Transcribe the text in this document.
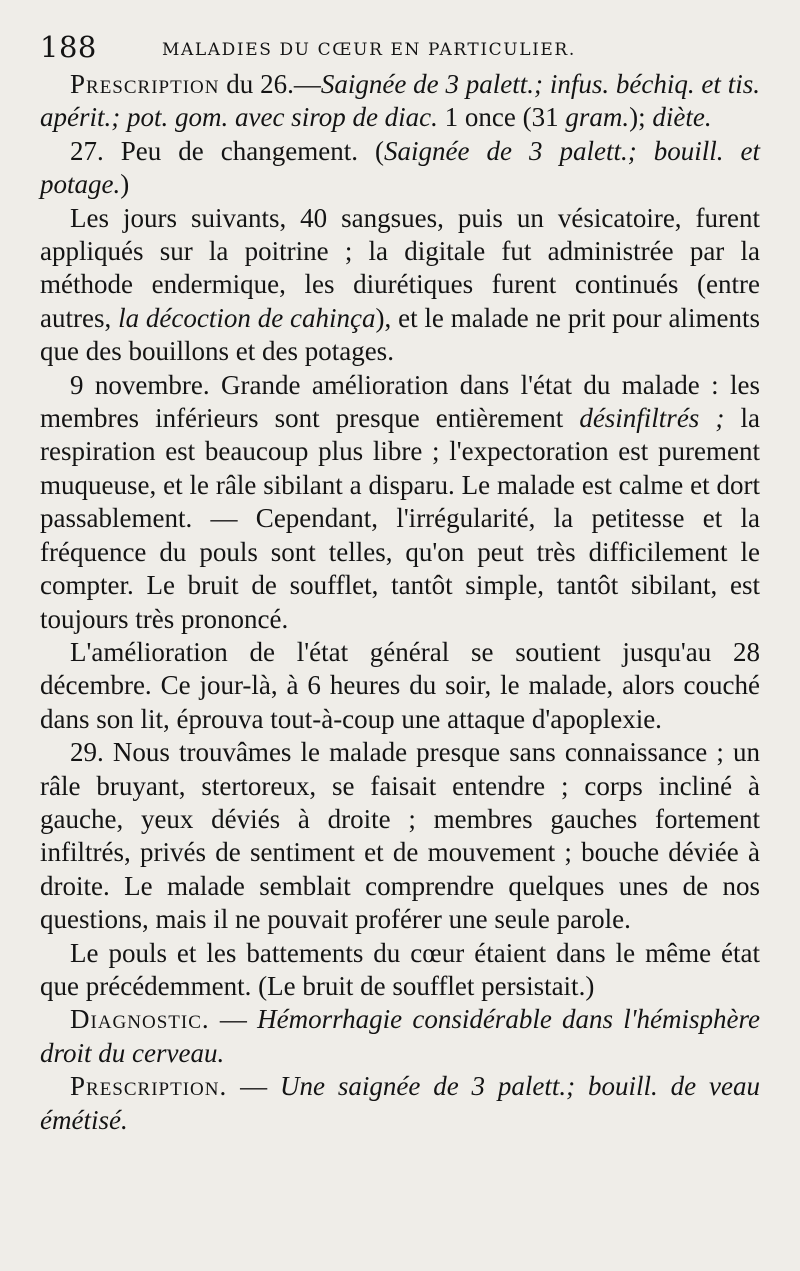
188	MALADIES DU CŒUR EN PARTICULIER.

Prescription du 26.—Saignée de 3 palett.; infus. béchiq. et tis. apérit.; pot. gom. avec sirop de diac. 1 once (31 gram.); diète.

27. Peu de changement. (Saignée de 3 palett.; bouill. et potage.)

Les jours suivants, 40 sangsues, puis un vésicatoire, furent appliqués sur la poitrine ; la digitale fut administrée par la méthode endermique, les diurétiques furent continués (entre autres, la décoction de cahinça), et le malade ne prit pour aliments que des bouillons et des potages.

9 novembre. Grande amélioration dans l'état du malade : les membres inférieurs sont presque entièrement désinfiltrés ; la respiration est beaucoup plus libre ; l'expectoration est purement muqueuse, et le râle sibilant a disparu. Le malade est calme et dort passablement. — Cependant, l'irrégularité, la petitesse et la fréquence du pouls sont telles, qu'on peut très difficilement le compter. Le bruit de soufflet, tantôt simple, tantôt sibilant, est toujours très prononcé.

L'amélioration de l'état général se soutient jusqu'au 28 décembre. Ce jour-là, à 6 heures du soir, le malade, alors couché dans son lit, éprouva tout-à-coup une attaque d'apoplexie.

29. Nous trouvâmes le malade presque sans connaissance ; un râle bruyant, stertoreux, se faisait entendre ; corps incliné à gauche, yeux déviés à droite ; membres gauches fortement infiltrés, privés de sentiment et de mouvement ; bouche déviée à droite. Le malade semblait comprendre quelques unes de nos questions, mais il ne pouvait proférer une seule parole.

Le pouls et les battements du cœur étaient dans le même état que précédemment. (Le bruit de soufflet persistait.)

Diagnostic. — Hémorrhagie considérable dans l'hémisphère droit du cerveau.

Prescription. — Une saignée de 3 palett.; bouill. de veau émétisé.
